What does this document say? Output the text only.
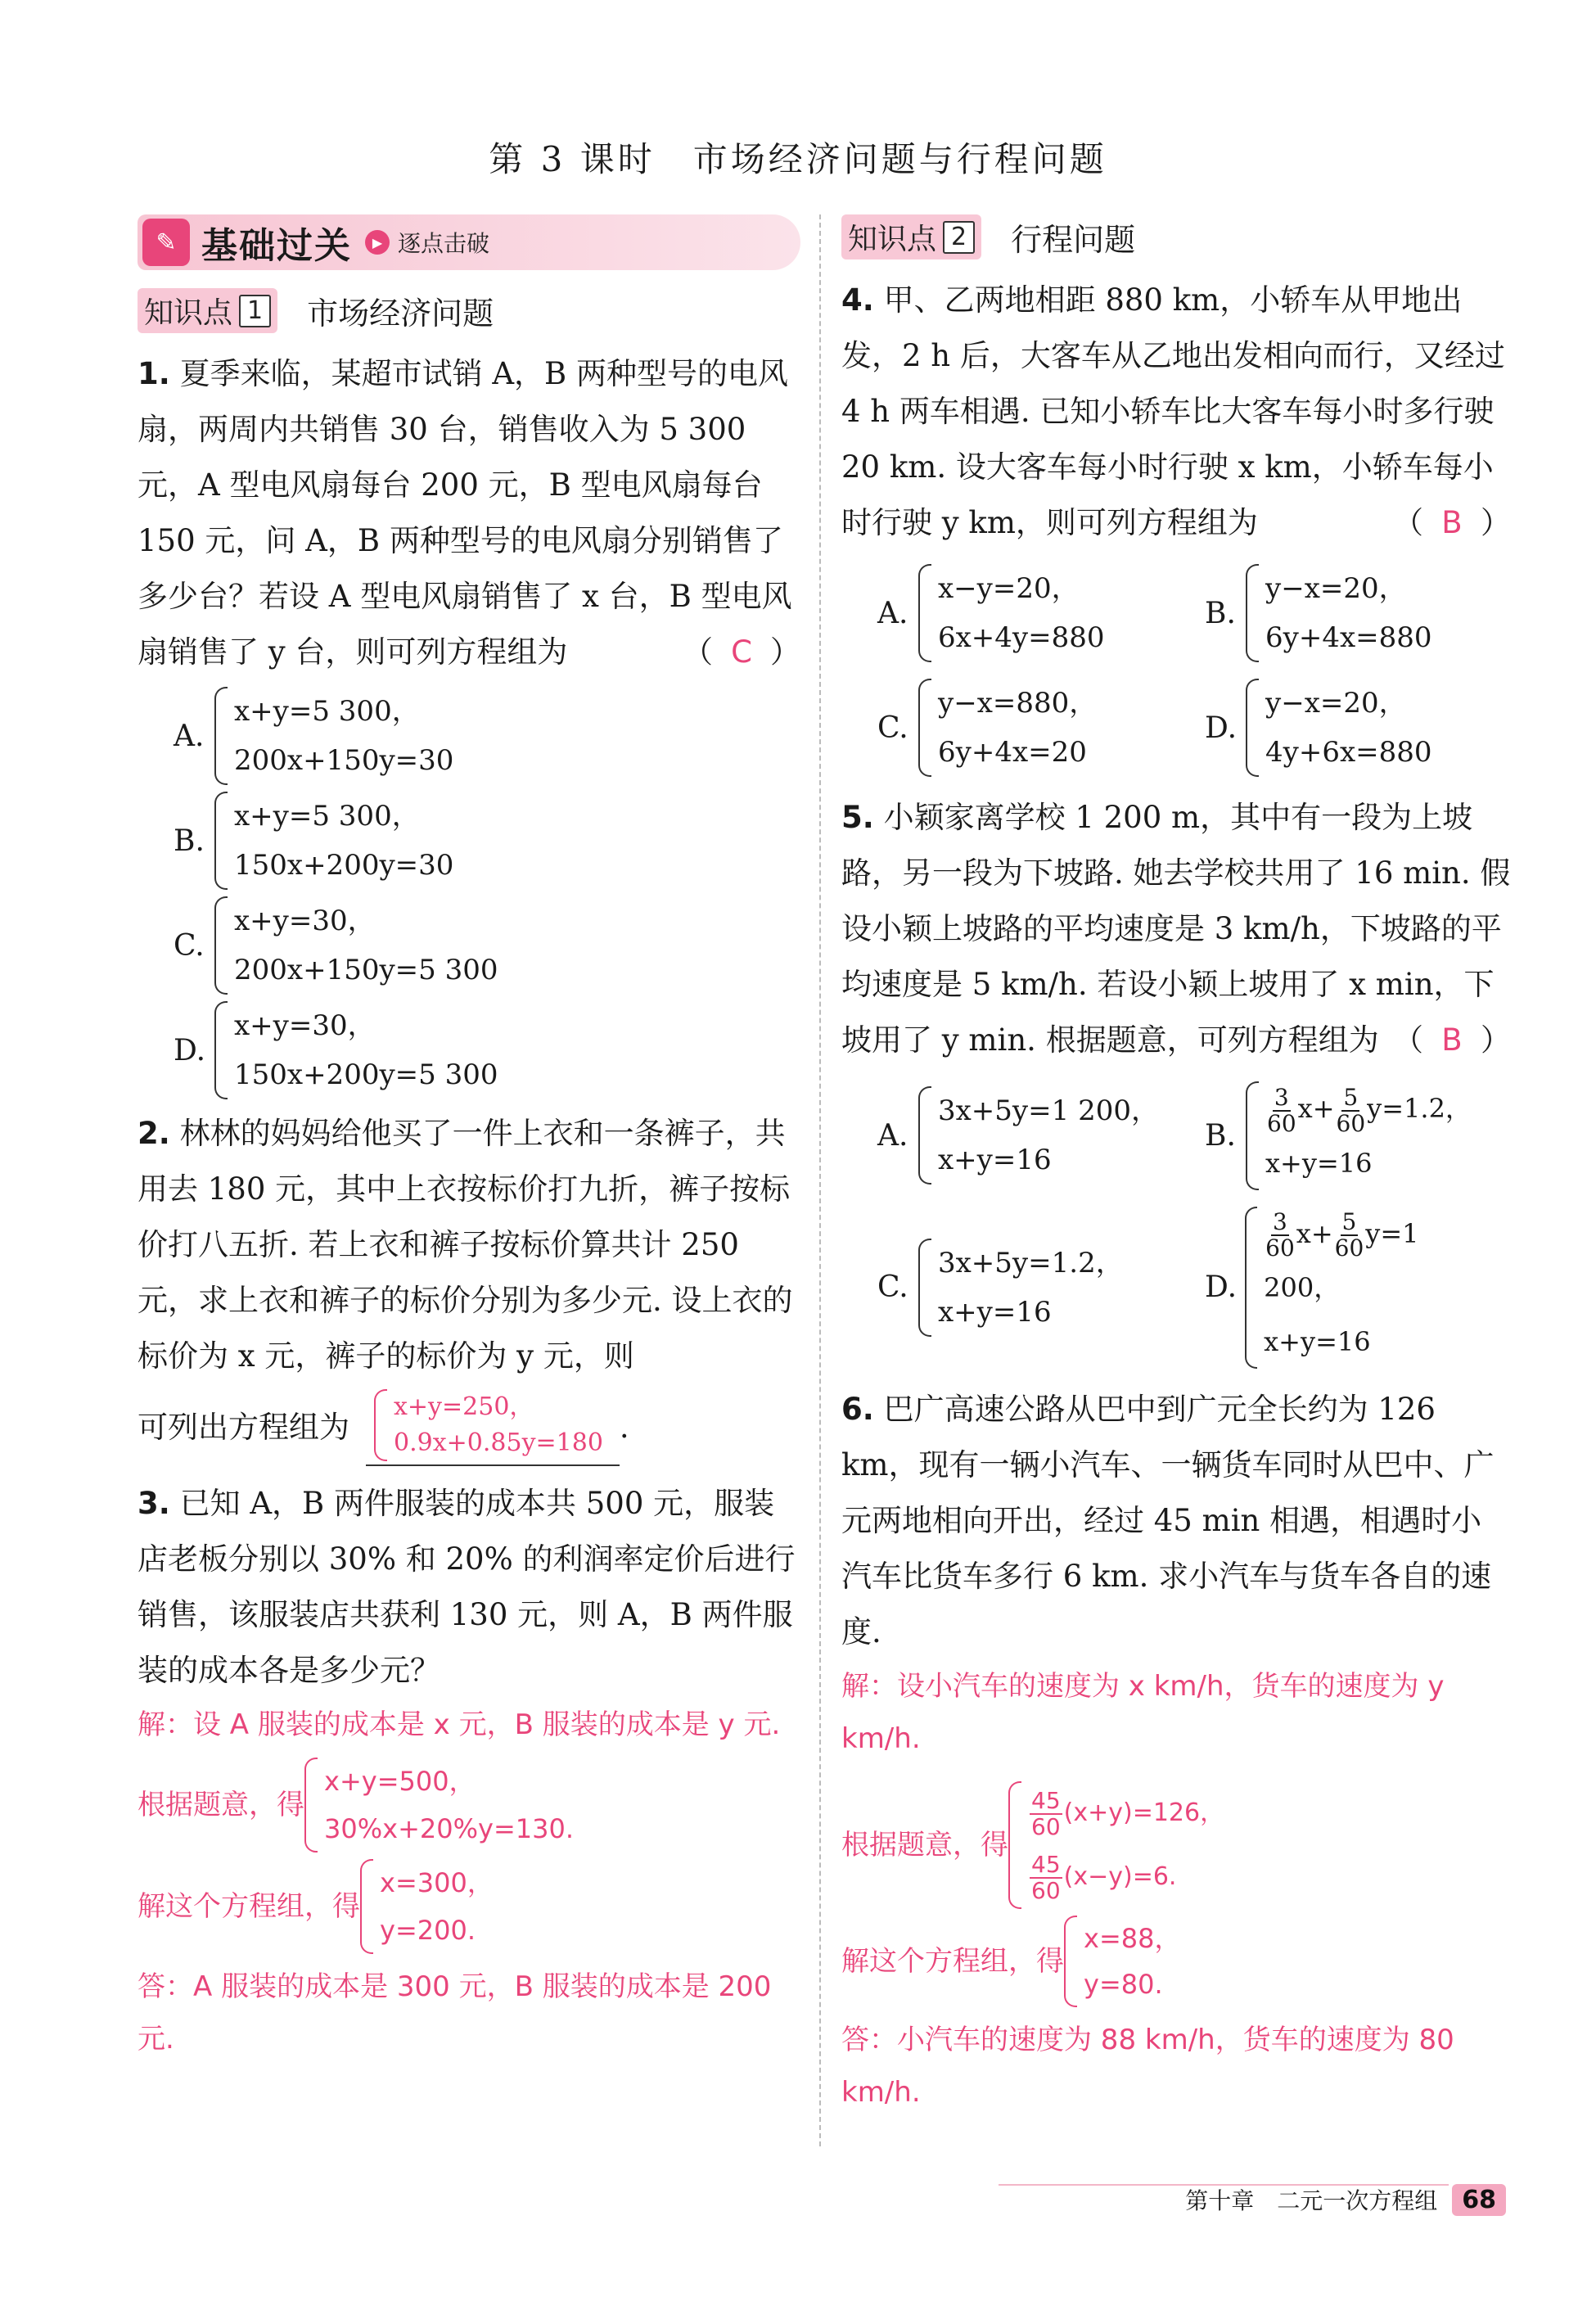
第 3 课时　市场经济问题与行程问题
✎ 基础过关	▶ 逐点击破
知识点 1 市场经济问题

1. 夏季来临，某超市试销 A，B 两种型号的电风扇，两周内共销售 30 台，销售收入为 5 300 元，A 型电风扇每台 200 元，B 型电风扇每台 150 元，问 A，B 两种型号的电风扇分别销售了多少台？若设 A 型电风扇销售了 x 台，B 型电风扇销售了 y 台，则可列方程组为	（ C ）

A.
x+y=5 300，
200x+150y=30
B.
x+y=5 300，
150x+200y=30
C.
x+y=30，
200x+150y=5 300
D.
x+y=30，
150x+200y=5 300

2. 林林的妈妈给他买了一件上衣和一条裤子，共用去 180 元，其中上衣按标价打九折，裤子按标价打八五折. 若上衣和裤子按标价算共计 250 元，求上衣和裤子的标价分别为多少元. 设上衣的标价为 x 元，裤子的标价为 y 元，则

可列出方程组为
x+y=250，
0.9x+0.85y=180 .

3. 已知 A，B 两件服装的成本共 500 元，服装店老板分别以 30% 和 20% 的利润率定价后进行销售，该服装店共获利 130 元，则 A，B 两件服装的成本各是多少元？

解：设 A 服装的成本是 x 元，B 服装的成本是 y 元.
根据题意，得
x+y=500，
30%x+20%y=130.
解这个方程组，得
x=300，
y=200.
答：A 服装的成本是 300 元，B 服装的成本是 200 元.
知识点 2 行程问题

4. 甲、乙两地相距 880 km，小轿车从甲地出发，2 h 后，大客车从乙地出发相向而行，又经过 4 h 两车相遇. 已知小轿车比大客车每小时多行驶 20 km. 设大客车每小时行驶 x km，小轿车每小时行驶 y km，则可列方程组为	（ B ）

A.
x−y=20，
6x+4y=880
B.
y−x=20，
6y+4x=880
C.
y−x=880，
6y+4x=20
D.
y−x=20，
4y+6x=880

5. 小颖家离学校 1 200 m，其中有一段为上坡路，另一段为下坡路. 她去学校共用了 16 min. 假设小颖上坡路的平均速度是 3 km/h，下坡路的平均速度是 5 km/h. 若设小颖上坡用了 x min，下坡用了 y min. 根据题意，可列方程组为 （ B ）

A.
3x+5y=1 200，
x+y=16
B.	$\frac{3}{60} x+ \frac{5}{60} y=1.2$，
x+y=16
C.
3x+5y=1.2，
x+y=16
D.
$\frac{3}{60} x+ \frac{5}{60} y=1$ 200，
x+y=16

6. 巴广高速公路从巴中到广元全长约为 126 km，现有一辆小汽车、一辆货车同时从巴中、广元两地相向开出，经过 45 min 相遇，相遇时小汽车比货车多行 6 km. 求小汽车与货车各自的速度.

解：设小汽车的速度为 x km/h，货车的速度为 y km/h.
根据题意，得
$\frac{45}{60} (x+y)=126$，
$\frac{45}{60} (x-y)=6$.
解这个方程组，得
x=88，
y=80.
答：小汽车的速度为 88 km/h，货车的速度为 80 km/h.
第十章　二元一次方程组	68
